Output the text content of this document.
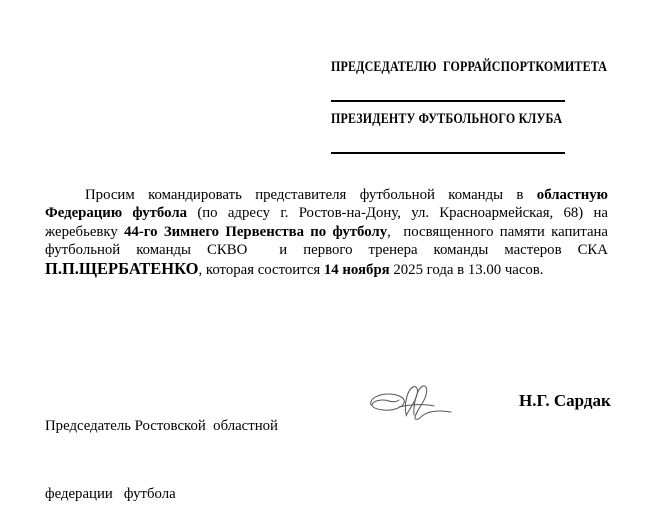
ПРЕДСЕДАТЕЛЮ  ГОРРАЙСПОРТКОМИТЕТА
ПРЕЗИДЕНТУ ФУТБОЛЬНОГО КЛУБА
Просим командировать представителя футбольной команды в областную
Федерацию футбола (по адресу г. Ростов-на-Дону, ул. Красноармейская, 68) на
жеребьевку 44-го Зимнего Первенства по футболу,  посвященного памяти капитана
футбольной команды СКВО  и первого тренера команды мастеров СКА
П.П.ЩЕРБАТЕНКО, которая состоится 14 ноября 2025 года в 13.00 часов.

Председатель Ростовской  областной

федерации   футбола

Н.Г. Сардак
